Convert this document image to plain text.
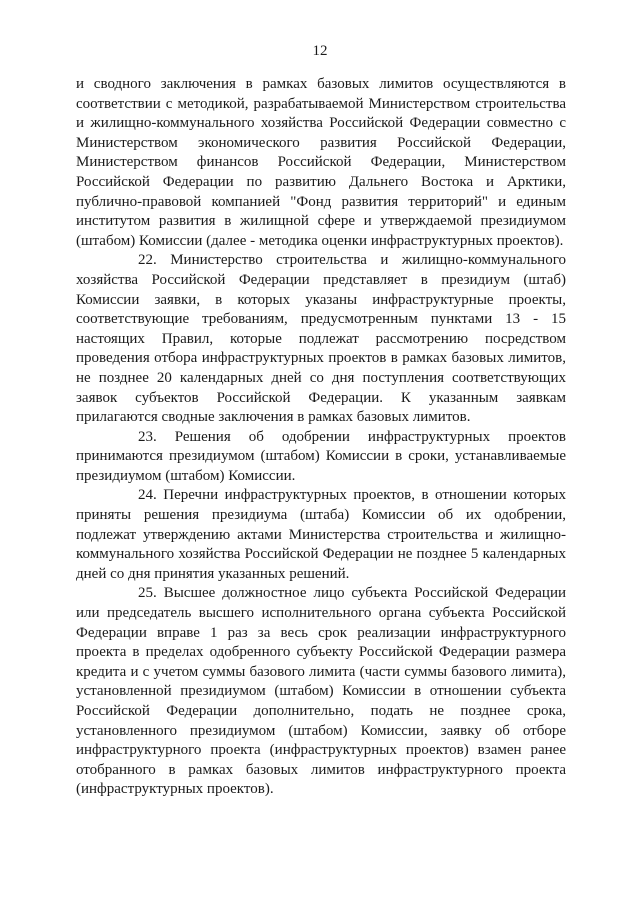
12

и сводного заключения в рамках базовых лимитов осуществляются в соответствии с методикой, разрабатываемой Министерством строительства и жилищно-коммунального хозяйства Российской Федерации совместно с Министерством экономического развития Российской Федерации, Министерством финансов Российской Федерации, Министерством Российской Федерации по развитию Дальнего Востока и Арктики, публично-правовой компанией "Фонд развития территорий" и единым институтом развития в жилищной сфере и утверждаемой президиумом (штабом) Комиссии (далее - методика оценки инфраструктурных проектов).

22. Министерство строительства и жилищно-коммунального хозяйства Российской Федерации представляет в президиум (штаб) Комиссии заявки, в которых указаны инфраструктурные проекты, соответствующие требованиям, предусмотренным пунктами 13 - 15 настоящих Правил, которые подлежат рассмотрению посредством проведения отбора инфраструктурных проектов в рамках базовых лимитов, не позднее 20 календарных дней со дня поступления соответствующих заявок субъектов Российской Федерации. К указанным заявкам прилагаются сводные заключения в рамках базовых лимитов.

23. Решения об одобрении инфраструктурных проектов принимаются президиумом (штабом) Комиссии в сроки, устанавливаемые президиумом (штабом) Комиссии.

24. Перечни инфраструктурных проектов, в отношении которых приняты решения президиума (штаба) Комиссии об их одобрении, подлежат утверждению актами Министерства строительства и жилищно-коммунального хозяйства Российской Федерации не позднее 5 календарных дней со дня принятия указанных решений.

25. Высшее должностное лицо субъекта Российской Федерации или председатель высшего исполнительного органа субъекта Российской Федерации вправе 1 раз за весь срок реализации инфраструктурного проекта в пределах одобренного субъекту Российской Федерации размера кредита и с учетом суммы базового лимита (части суммы базового лимита), установленной президиумом (штабом) Комиссии в отношении субъекта Российской Федерации дополнительно, подать не позднее срока, установленного президиумом (штабом) Комиссии, заявку об отборе инфраструктурного проекта (инфраструктурных проектов) взамен ранее отобранного в рамках базовых лимитов инфраструктурного проекта (инфраструктурных проектов).
